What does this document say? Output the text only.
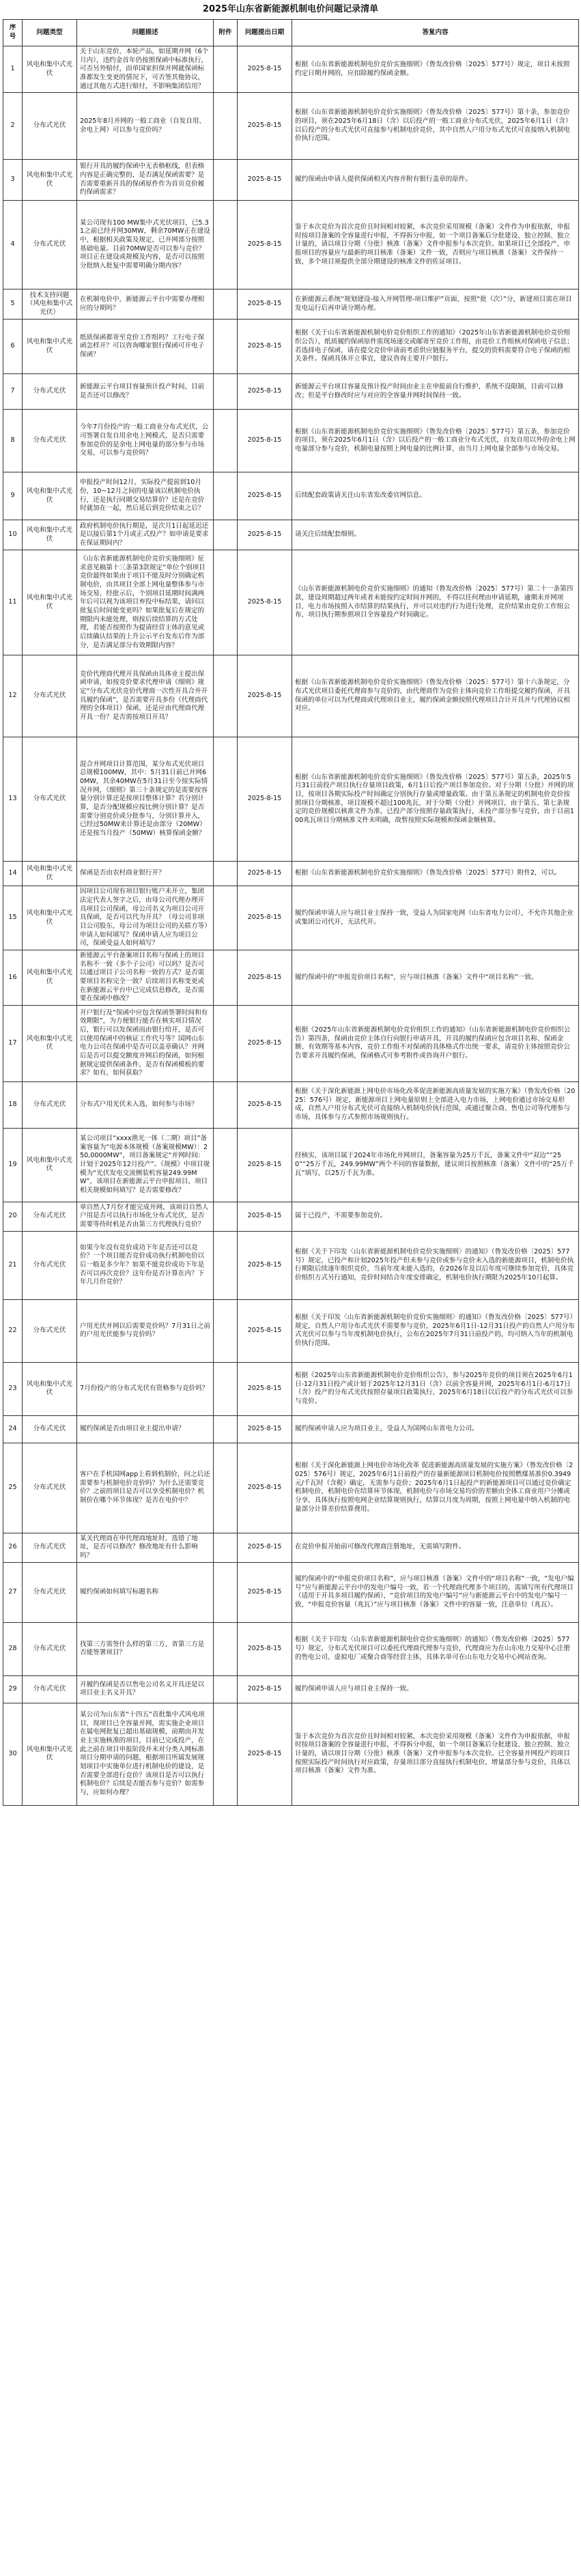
2025年山东省新能源机制电价问题记录清单
序号	问题类型	问题描述	附件	问题提出日期	答复内容
1	风电和集中式光伏	关于山东竞价，本轮产品，如延期并网（6个月内），违约金首年仍按照保函中标准执行，可否另外赔付，而单国家担保并网就保函标准都发生变更的情况下，可否签其他协议，通过其他方式进行赔付，不影响集团信用？		2025-8-15	根据《山东省新能源机制电价竞价实施细则》（鲁发改价格〔2025〕577号）规定，项目未按照约定日期并网的，应扣除履约保函金额。
2	分布式光伏	2025年8月并网的一般工商业（自发自用、余电上网）可以参与竞价吗？		2025-8-15	根据《山东省新能源机制电价竞价实施细则》（鲁发改价格〔2025〕577号）第十条，参加竞价的项目，须在2025年6月18日（含）以后投产的一般工商业分布式光伏，2025年6月1日（含）以后投产的分布式光伏可直接参与机制电价竞价，其中自然人户用分布式光伏可直接纳入机制电价执行范围。
3	风电和集中式光伏	银行开具的履约保函中无表格框线，但表格内容是正确完整的，是否满足保函需要？是否需要重新开具的保函原件作为首页竞价履约保函需求？		2025-8-15	履约保函由申请人提供保函相关内容并附有银行盖章的原件。
4	分布式光伏	某公司现有100 MW集中式光伏项目，已5.31之前已经并网30MW，剩余70MW正在建设中，根据相关政策及规定，已并网部分按照基础电量。目前70MW是否可以参与竞价？项目正在建设或规模及内容，是否可以按照分批纳入批复中需要明确分期内容？		2025-8-15	鉴于本次竞价为首次竞价且时间相对较紧，本次竞价采用规模（备案）文件作为申报依据，申报时按项目备案的全容量进行申报，不得拆分申报，如一个项目备案后分批建设、独立控制、独立计量的，请以项目分期（分批）核准（备案）文件申报参与本次竞价。如果项目已全部投产，申报项目的容量应与最新的项目核准（备案）文件一致，否则应与项目核准（备案）文件保持一致，多个项目须提供全部分期建设的核准文件的佐证项目。
5	技术支持问题（风电和集中式光伏）	在机制电价中，新能源云平台中需要办理相应的分期吗？		2025-8-15	在新能源云系统“规划建设-接入并网管理-项目维护”页面，按照“批（次）”分，新建项目需在项目发电运行后再申请分期办理。
6	风电和集中式光伏	纸质保函都寄至竞价工作组吗？工行电子保函怎样开？可以咨询哪家银行保函可开电子保函？		2025-8-15	根据《关于山东省新能源机制电价竞价组织工作的通知》（2025年山东省新能源机制电价竞价组织公告），纸质履约保函原件需现场递交或邮寄至竞价工作组，由竞价工作组核对保函电子信息；若选择电子保函，请在提交竞价申请前考虑供应链服务平台，提交的资料需要符合电子保函的相关条件。保函具体开立事宜，建议咨询主要开户银行。
7	分布式光伏	新能源云平台项目容量预计投产时间，目前是否还可以修改？		2025-8-15	新能源云平台项目容量及预计投产时间由业主在申报前自行维护，系统不设限制，目前可以修改；但是平台修改时应与对应的全容量并网时间保持一致。
8	分布式光伏	今年7月份投产的一般工商业分布式光伏，公司签署自发自用余电上网模式，是否只需要参加竞价的是余电上网电量的部分参与市场交易，可以参与竞价吗？		2025-8-15	根据《山东省新能源机制电价竞价实施细则》（鲁发改价格〔2025〕577号）第五条，参加竞价的项目，须在2025年6月1日（含）以后投产的一般工商业分布式光伏，自发自用以外的余电上网电量部分参与竞价，机制电量按照上网电量的比例计算，由当月上网电量全部参与市场交易。
9	风电和集中式光伏	申报投产时间12月，实际投产提前到10月份，10~12月之间的电量该以机制电价执行，还是执行同期交易结算价？还是在竞价时就加在一起，然后延后到竞价结束之后？		2025-8-15	后续配套政策请关注山东省发改委官网信息。
10	风电和集中式光伏	政府机制电价执行期是，是次月1日起延迟还是以接后第1个月或正式投产？如申请是要求在保证期间内？		2025-8-15	请关注后续配套细则。
11	风电和集中式光伏	《山东省新能源机制电价竞价实施细则》征求意见稿第十三条第3款规定“单位个别项目竞价最终如果由于项目不能及时分别确定机制电价，由其项目全部上网电量整体参与市场交易，经批示后，个别项目延期时间满两年后可以视为该项目弃投中标结果，请问以批复后时间能变更吗？如果批复后在规定的期限内未能处理，则按后续结算的方式处理，若能否按照作为提请经营主体的意见或后续确认结果的上升公示平台发布后作为部分，是否满足部分有效期限内容？		2025-8-15	《山东省新能源机制电价竞价实施细则》的通知（鲁发改价格〔2025〕577号）第二十一条第四款，建设周期超过两年或者未能按约定时间并网的，不得以任何理由申请延期，逾期未并网项目，电力市场按照入市结算的结果执行，并可以对违约行为进行处理，竞价结果由竞价工作组公布，项目执行期参照项目全容量投产时间确定。
12	分布式光伏	竞价代理商代理开具保函由具体业主提出保函申请，如按竞价要求代理申请《细则》规定“分布式光伏竞价代理商一次性开具合并开具履约保函”，是否需要开具多份（代理商代理的全体项目）保函，还是应由代理商代理开具一份？是否需按项目开具？		2025-8-15	根据《山东省新能源机制电价竞价实施细则》（鲁发改价格〔2025〕577号）第十六条规定，分布式光伏项目委托代理商参与竞价的，由代理商作为竞价主体向竞价工作组提交履约保函，开具保函的单位可以为代理商或代理项目业主，履约保函金额按照代理项目合计开具并与代理协议相对应。
13	分布式光伏	混合并网项目计算范围，某分布式光伏项目总规模100MW，其中：5月31日前已并网60MW，其余40MW在5月31日至今按实际情况并网，《细则》第三十条规定的是需要按容量分别计算还是按项目整体计算？若分别计算，是否分配规模应按比例分别计算？是否需要分别竞价或分批参与，分别计算并入，已经过50MW来计算还是由部分（20MW）还是按当月投产（50MW）核算保函金额？		2025-8-15	根据《山东省新能源机制电价竞价实施细则》（鲁发改价格〔2025〕577号）第五条，2025年5月31日前投产项目执行存量项目政策，6月1日后投产项目参加竞价。对于分期（分批）并网的项目，按项目各期实际投产时间确定分别执行存量或增量政策。由于第五条规定的机制电价竞价按照项目分期核准，项目规模不超过100兆瓦，对于分期（分批）并网项目，由于第五、第七条规定的竞价规模以核准文件为准，已投产部分按照存量政策执行，未投产部分参与竞价，由于目前100兆瓦项目分期核准文件未明确，故暂按照实际规模和保函金额核算。
14	风电和集中式光伏	保函是否由农村商业银行开？		2025-8-15	根据《山东省新能源机制电价竞价实施细则》（鲁发改价格〔2025〕577号）附件2，可以。
15	风电和集中式光伏	因项目公司现有项目银行账户未开立，集团法定代表人签字之后，由母公司代理办理开具项目公司保函，母公司名义为项目公司开具保函，是否可以代为开具？（母公司非项目公司股东，母公司为项目公司的关联方等）申请人如何填写？保函申请人应为项目公司，保函受益人如何填写？		2025-8-15	履约保函申请人应与项目业主保持一致，受益人为国家电网（山东省电力公司），不允许其他企业或集团公司代开，无法代开。
16	风电和集中式光伏	新能源云平台备案项目名称与保函上的项目名称不一致（多个子公司）可以吗？是否可以通过项目子公司名称一致的方式？是否需要项目名称完全一致？后续项目名称变更或在新能源云平台中已完成信息修改，是否需要在保函中修改？		2025-8-15	履约保函中的“申报竞价项目名称”，应与项目核准（备案）文件中“项目名称”一致。
17	风电和集中式光伏	开户银行及“保函中应包含保函签署时间和有效期限”，为方便银行能否在核实项目情况后，银行可以发保函而由银行给开，是否可以使用保函中的核证工作代号等？国网山东电力公司在保函中是否可以盖章确认？并网后是否可以提交额度并网后的保函，如何根据规定提供保函条件，是否有保函模板的要求？如有，如何获取？		2025-8-15	根据《2025年山东省新能源机制电价竞价组织工作的通知》（山东省新能源机制电价竞价组织公告）第四条，保函由竞价主体自行向银行申请开具，开具的履约保函应包含项目名称、保函金额、有效期等基本内容，竞价工作组不对保函的具体格式作出统一要求，请竞价主体按照竞价公告要求开具履约保函，保函格式可参考附件或咨询开户银行。
18	分布式光伏	分布式户用光伏未入选，如何参与市场？		2025-8-15	根据《关于深化新能源上网电价市场化改革促进新能源高质量发展的实施方案》（鲁发改价格〔2025〕576号）规定，新能源项目上网电量原则上全部进入电力市场，上网电价通过市场交易形成，自然人户用分布式光伏可直接纳入机制电价执行范围，或通过聚合商、售电公司等代理参与市场，具体参与方式参照市场规则执行。
19	风电和集中式光伏	某公司项目“xxxx渔光一体（二期）项目”备案容量为“电源本体规模（备案规模MW）：250,0000MW”，项目备案规定“并网时间：计划于2025年12月投产”。《规模》中项目规模为“光伏发电交流侧装机容量249.99MW”，该项目在新能源云平台申报项目，项目相关规模如何填写？是否需要修改？		2025-8-15	经核实，该项目属于2024年市场化并网项目，备案容量为25万千瓦，备案文件中“双边”“250”“25万千瓦，249.99MW”两个不同的容量数据，建议项目按照核准（备案）文件中的“25万千瓦”填写，以25万千瓦为准。
20	分布式光伏	单自然人7月份才能完成并网，该项目自然人户用是否可以执行市场化分布式光伏，是否需要等待时机是否由第三方代理执行竞价？		2025-8-15	属于已投产，不需要参加竞价。
21	分布式光伏	如果今年没有竞价成功下年是否还可以竞价？一个项目能否竞价成功执行机制电价以后一般是多少年？如果不能竞价成功下年是否可以再次竞价？这年份是否计算在内？下年几月份竞价？		2025-8-15	根据《关于下印发〈山东省新能源机制电价竞价实施细则〉的通知》（鲁发改价格〔2025〕577号）规定，已投产和计划2025年投产但未参与竞价或参与竞价未入选的新能源项目，机制电价执行期限后续逐年组织竞价，当前年度未能入选的，在2026年及以后年度可继续参加竞价，具体竞价组织方式另行通知，竞价时间结合年度安排确定，机制电价执行期限为2025年10月起算。
22	分布式光伏	户用光伏并网以后需要竞价吗？7月31日之前的户用光伏能参与竞价吗？		2025-8-15	根据《关于印发〈山东省新能源机制电价竞价实施细则〉的通知》（鲁发改价格〔2025〕577号）规定，自然人户用分布式光伏不需要参与竞价，2025年6月1日-12月31日投产的自然人户用分布式光伏可以参与当年度机制电价执行，公布在2025年7月31日前投产的，均可纳入当年的机制电价执行范围。
23	风电和集中式光伏	7月份投产的分布式光伏有资格参与竞价吗？		2025-8-15	根据《2025年山东省新能源机制电价竞价组织公告》，参与2025年竞价的项目须在2025年6月1日-12月31日投产或计划于2025年12月31日（含）以前全容量并网，2025年6月1日-6月17日（含）投产的分布式光伏按照存量项目政策执行，2025年6月18日以后投产的分布式光伏可以参与竞价。
24	分布式光伏	履约保函是否由项目业主提出申请？		2025-8-15	履约保函申请人应为项目业主，受益人为国网山东省电力公司。
25	分布式光伏	客户在手机国网app上看到机制价，问之后还需要参与机制电价竞价吗？为什么还需要竞价？之前的项目是否可以享受机制电价？机制价在哪个环节体现？是否在电价中？		2025-8-15	根据《关于深化新能源上网电价市场化改革 促进新能源高质量发展的实施方案》（鲁发改价格〔2025〕576号）规定，2025年6月1日前投产的存量新能源项目机制电价按照燃煤基准价0.3949元/千瓦时（含税）确定，无需参与竞价；2025年6月1日起投产的新能源项目可以通过竞价确定机制电价，机制电价在结算环节体现，机制电价与市场交易均价的差额由全体工商业用户分摊或分享，具体执行按照电网企业结算规则执行，结算以月度为周期，按照上网电量中纳入机制的电量部分计算差价结算费用。
26	分布式光伏	某关代理商在申代理商地址时，选错了地址，是否可以修改？修改地址有什么影响吗？		2025-8-15	在竞价申报开始前可修改代理商注册地址，无需填写附件。
27	分布式光伏	履约保函如何填写标题名称		2025-8-15	履约保函中的“申报竞价项目名称”，应与项目核准（备案）文件中的“项目名称”一致，“发电户编号”应与新能源云平台中的发电户编号一致，若一个代理商代理多个项目的，需填写所有代理项目（适用于开具多项目履约保函），“竞价项目的发电户编号”应与新能源云平台中的发电户编号一致，“申报竞价容量（兆瓦）”应与项目核准（备案）文件中的容量一致，注意单位（兆瓦）。
28	分布式光伏	找第三方需签什么样的第三方，省第三方是否能签署项目？		2025-8-15	根据《关于下印发〈山东省新能源机制电价竞价实施细则〉的通知》（鲁发改价格〔2025〕577号）规定，分布式光伏项目可以委托代理商代理参与竞价，代理商应为在山东电力交易中心注册的售电公司、虚拟电厂或聚合商等经营主体，具体名单可在山东电力交易中心网站查询。
29	分布式光伏	开履约保函是否以售电公司名义开具还是以项目业主名义开具？		2025-8-15	履约保函申请人应与项目业主保持一致。
30	风电和集中式光伏	某公司为山东省“十四五”首批集中式风电项目，现项目已全容量并网，需实施企业项目在属电网批复已超出基础规模，前期由开发业主实施核准的项目，目前已完成投产，在此之前在项目申报阶段并未对分类入网标准项目分期申请的问题，根据项目所属发展规划项目中实施单位进行机制电价的建设，是否需要全部进行竞价？该项目是否可以执行机制电价？后续是否能否参与竞价？如需参与，应如何办理？		2025-8-15	鉴于本次竞价为首次竞价且时间相对较紧，本次竞价采用规模（备案）文件作为申报依据，申报时按项目备案的全容量进行申报，不得拆分申报，如一个项目备案后分批建设、独立控制、独立计量的，请以项目分期（分批）核准（备案）文件申报参与本次竞价。已全容量并网投产的项目按照实际投产时间执行对应政策，存量项目部分直接执行机制电价，增量部分参与竞价，具体以项目核准（备案）文件为准。
